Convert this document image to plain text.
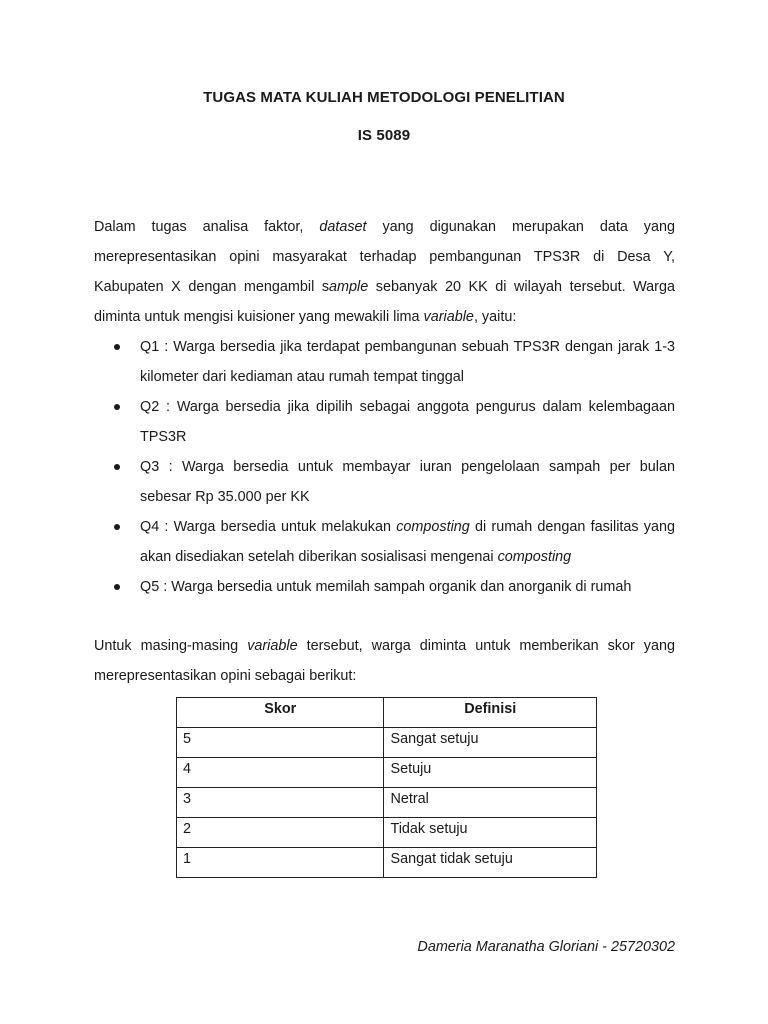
TUGAS MATA KULIAH METODOLOGI PENELITIAN
IS 5089

Dalam tugas analisa faktor, dataset yang digunakan merupakan data yang merepresentasikan opini masyarakat terhadap pembangunan TPS3R di Desa Y, Kabupaten X dengan mengambil sample sebanyak 20 KK di wilayah tersebut. Warga diminta untuk mengisi kuisioner yang mewakili lima variable, yaitu:

Q1 : Warga bersedia jika terdapat pembangunan sebuah TPS3R dengan jarak 1-3 kilometer dari kediaman atau rumah tempat tinggal
Q2 : Warga bersedia jika dipilih sebagai anggota pengurus dalam kelembagaan TPS3R
Q3 : Warga bersedia untuk membayar iuran pengelolaan sampah per bulan sebesar Rp 35.000 per KK
Q4 : Warga bersedia untuk melakukan composting di rumah dengan fasilitas yang akan disediakan setelah diberikan sosialisasi mengenai composting
Q5 : Warga bersedia untuk memilah sampah organik dan anorganik di rumah
Untuk masing-masing variable tersebut, warga diminta untuk memberikan skor yang merepresentasikan opini sebagai berikut:
Skor	Definisi
5	Sangat setuju
4	Setuju
3	Netral
2	Tidak setuju
1	Sangat tidak setuju
Dameria Maranatha Gloriani - 25720302
